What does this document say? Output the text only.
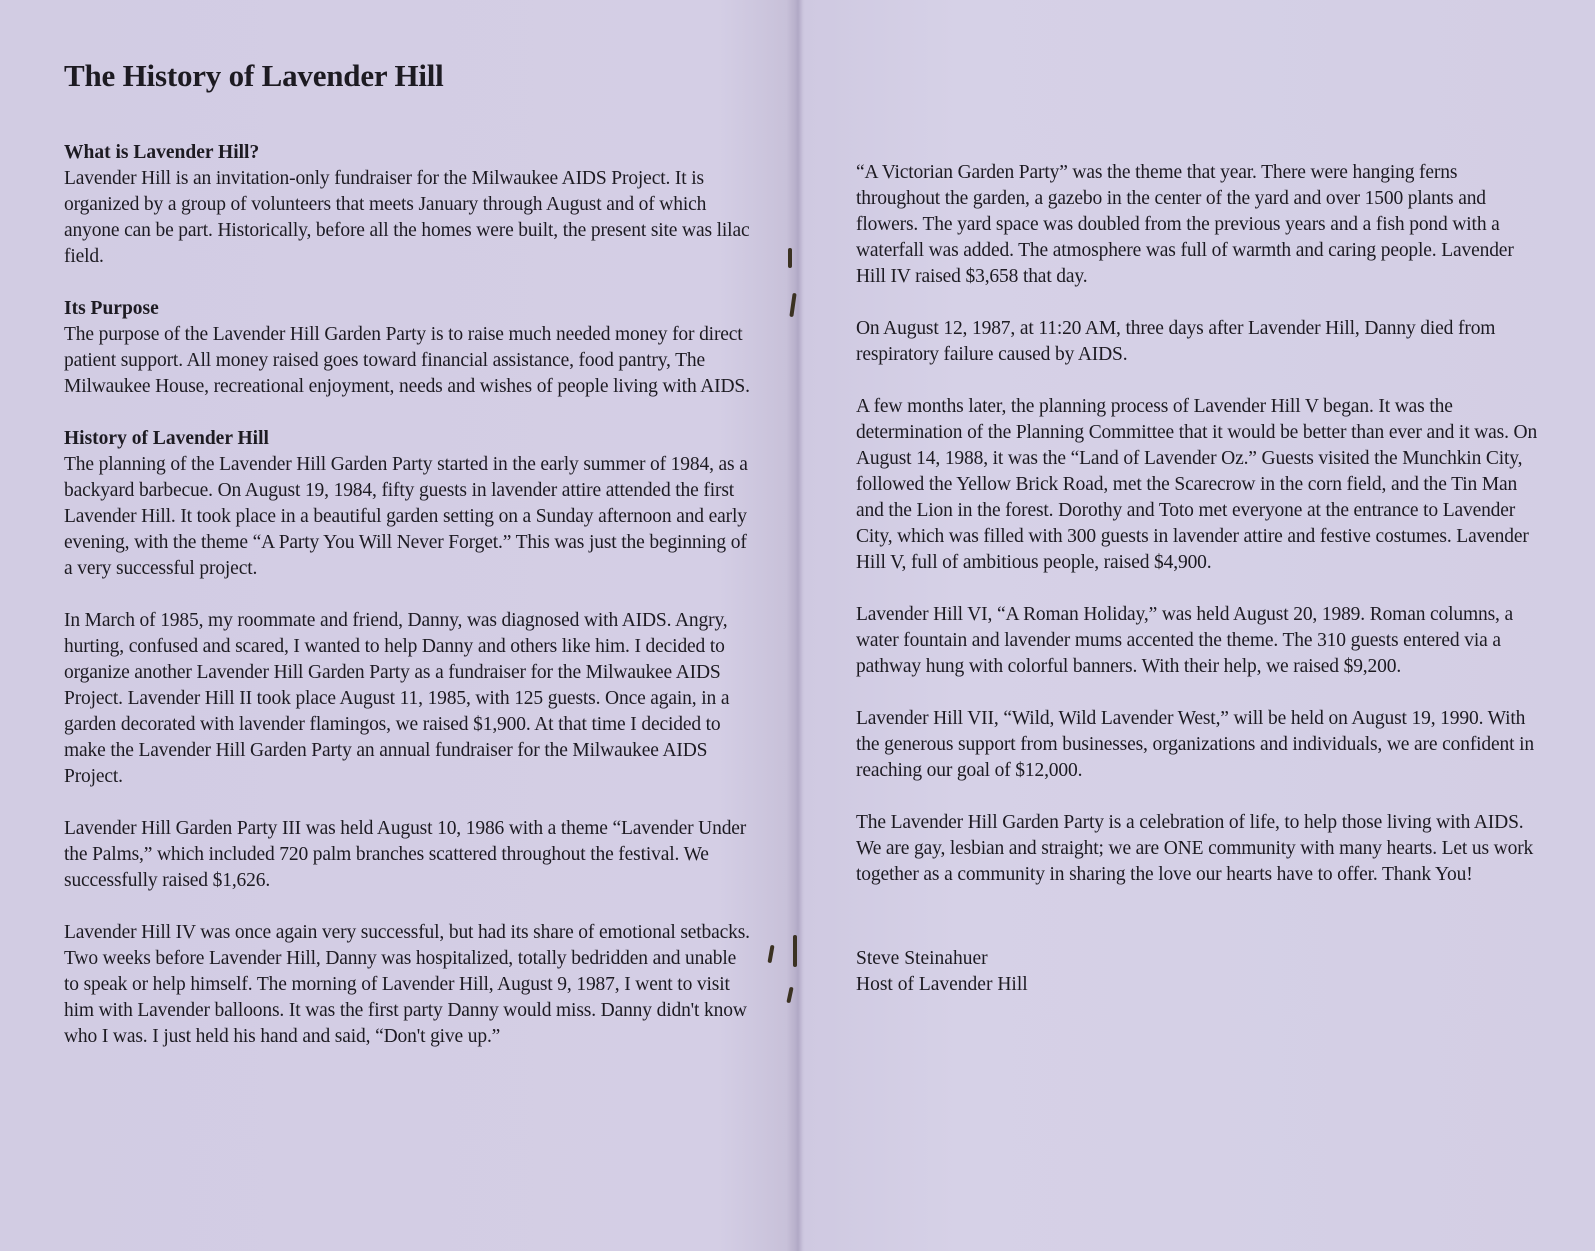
The History of Lavender Hill
What is Lavender Hill?

Lavender Hill is an invitation-only fundraiser for the Milwaukee AIDS Project. It is organized by a group of volunteers that meets January through August and of which anyone can be part. Historically, before all the homes were built, the present site was lilac field.

Its Purpose

The purpose of the Lavender Hill Garden Party is to raise much needed money for direct patient support. All money raised goes toward financial assistance, food pantry, The Milwaukee House, recreational enjoyment, needs and wishes of people living with AIDS.

History of Lavender Hill

The planning of the Lavender Hill Garden Party started in the early summer of 1984, as a backyard barbecue. On August 19, 1984, fifty guests in lavender attire attended the first Lavender Hill. It took place in a beautiful garden setting on a Sunday afternoon and early evening, with the theme “A Party You Will Never Forget.” This was just the beginning of a very successful project.

In March of 1985, my roommate and friend, Danny, was diagnosed with AIDS. Angry, hurting, confused and scared, I wanted to help Danny and others like him. I decided to organize another Lavender Hill Garden Party as a fundraiser for the Milwaukee AIDS Project. Lavender Hill II took place August 11, 1985, with 125 guests. Once again, in a garden decorated with lavender flamingos, we raised $1,900. At that time I decided to make the Lavender Hill Garden Party an annual fundraiser for the Milwaukee AIDS Project.

Lavender Hill Garden Party III was held August 10, 1986 with a theme “Lavender Under the Palms,” which included 720 palm branches scattered throughout the festival. We successfully raised $1,626.

Lavender Hill IV was once again very successful, but had its share of emotional setbacks. Two weeks before Lavender Hill, Danny was hospitalized, totally bedridden and unable to speak or help himself. The morning of Lavender Hill, August 9, 1987, I went to visit him with Lavender balloons. It was the first party Danny would miss. Danny didn't know who I was. I just held his hand and said, “Don't give up.”

“A Victorian Garden Party” was the theme that year. There were hanging ferns throughout the garden, a gazebo in the center of the yard and over 1500 plants and flowers. The yard space was doubled from the previous years and a fish pond with a waterfall was added. The atmosphere was full of warmth and caring people. Lavender Hill IV raised $3,658 that day.

On August 12, 1987, at 11:20 AM, three days after Lavender Hill, Danny died from respiratory failure caused by AIDS.

A few months later, the planning process of Lavender Hill V began. It was the determination of the Planning Committee that it would be better than ever and it was. On August 14, 1988, it was the “Land of Lavender Oz.” Guests visited the Munchkin City, followed the Yellow Brick Road, met the Scarecrow in the corn field, and the Tin Man and the Lion in the forest. Dorothy and Toto met everyone at the entrance to Lavender City, which was filled with 300 guests in lavender attire and festive costumes. Lavender Hill V, full of ambitious people, raised $4,900.

Lavender Hill VI, “A Roman Holiday,” was held August 20, 1989. Roman columns, a water fountain and lavender mums accented the theme. The 310 guests entered via a pathway hung with colorful banners. With their help, we raised $9,200.

Lavender Hill VII, “Wild, Wild Lavender West,” will be held on August 19, 1990. With the generous support from businesses, organizations and individuals, we are confident in reaching our goal of $12,000.

The Lavender Hill Garden Party is a celebration of life, to help those living with AIDS. We are gay, lesbian and straight; we are ONE community with many hearts. Let us work together as a community in sharing the love our hearts have to offer. Thank You!

Steve Steinahuer
Host of Lavender Hill
